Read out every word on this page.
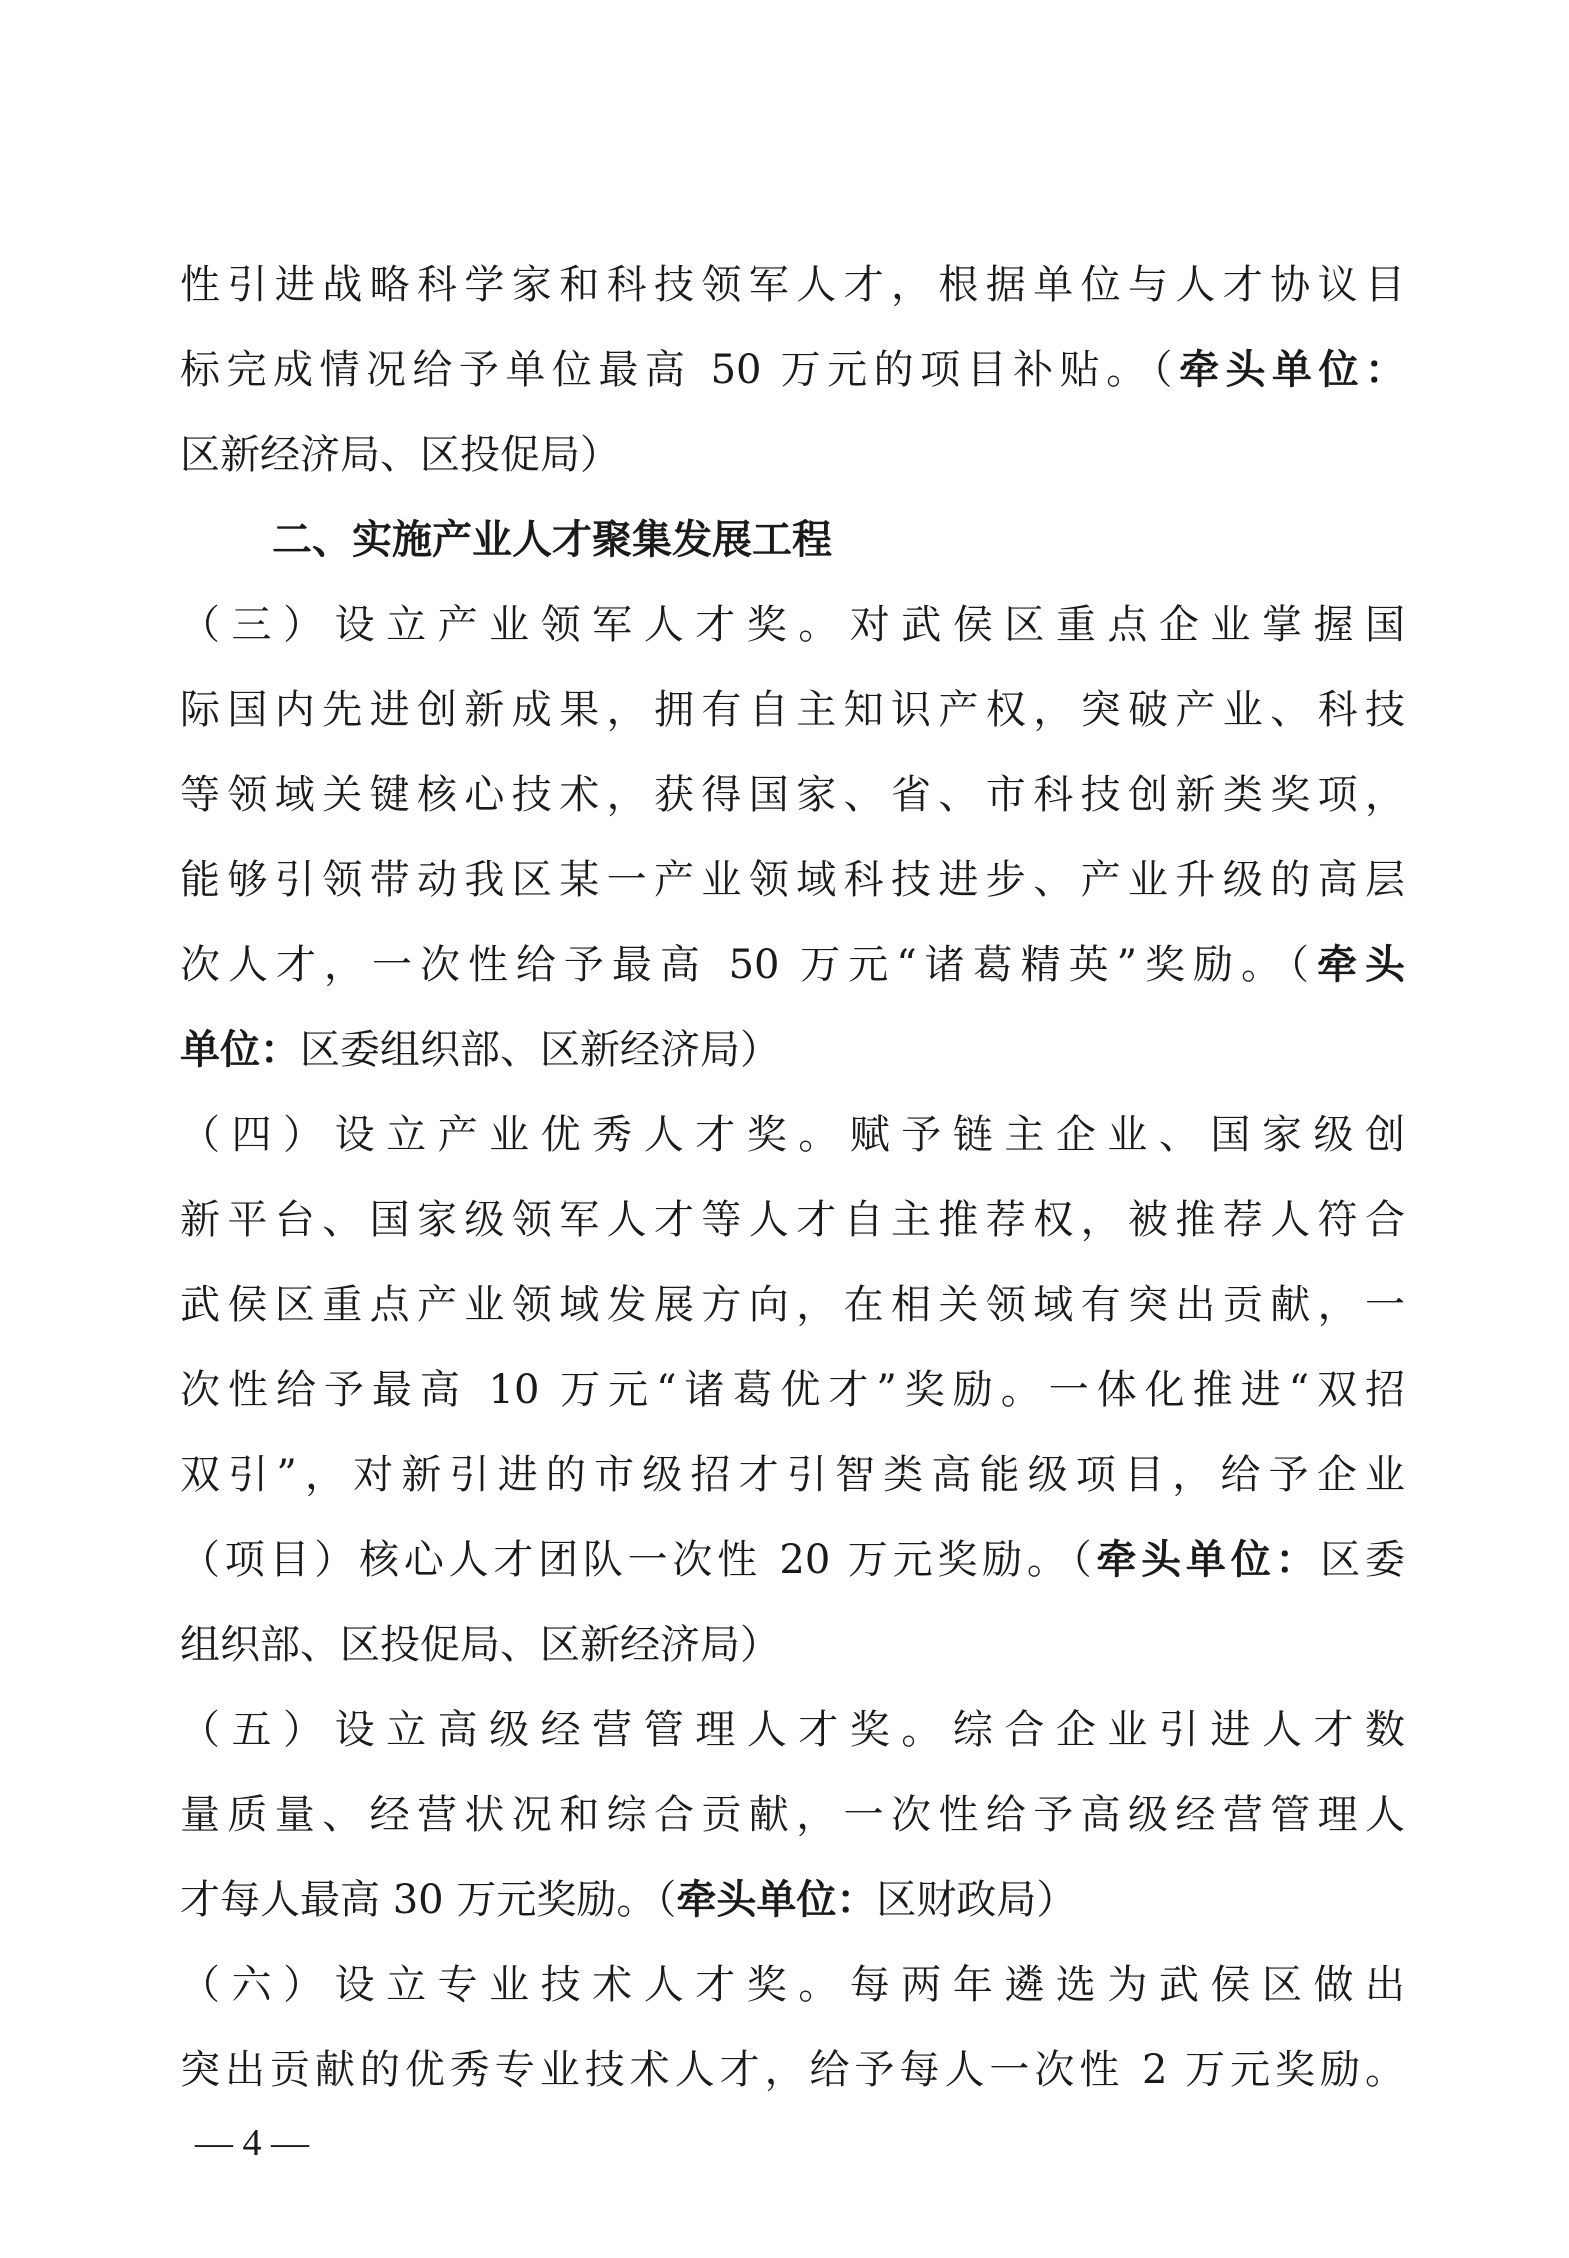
性引进战略科学家和科技领军人才，根据单位与人才协议目
标完成情况给予单位最高 50 万元的项目补贴。（牵头单位：
区新经济局、区投促局）
二、实施产业人才聚集发展工程
（三）设立产业领军人才奖。对武侯区重点企业掌握国
际国内先进创新成果，拥有自主知识产权，突破产业、科技
等领域关键核心技术，获得国家、省、市科技创新类奖项，
能够引领带动我区某一产业领域科技进步、产业升级的高层
次人才，一次性给予最高 50 万元“诸葛精英”奖励。（牵头
单位：区委组织部、区新经济局）
（四）设立产业优秀人才奖。赋予链主企业、国家级创
新平台、国家级领军人才等人才自主推荐权，被推荐人符合
武侯区重点产业领域发展方向，在相关领域有突出贡献，一
次性给予最高 10 万元“诸葛优才”奖励。一体化推进“双招
双引”，对新引进的市级招才引智类高能级项目，给予企业
（项目）核心人才团队一次性 20 万元奖励。（牵头单位：区委
组织部、区投促局、区新经济局）
（五）设立高级经营管理人才奖。综合企业引进人才数
量质量、经营状况和综合贡献，一次性给予高级经营管理人
才每人最高 30 万元奖励。（牵头单位：区财政局）
（六）设立专业技术人才奖。每两年遴选为武侯区做出
突出贡献的优秀专业技术人才，给予每人一次性 2 万元奖励。
— 4 —
